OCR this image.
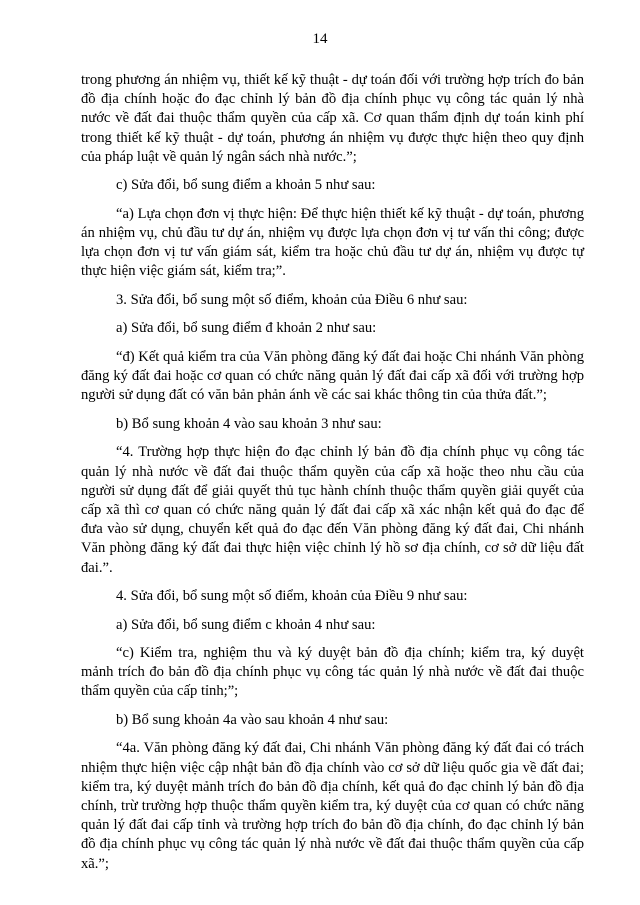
14

trong phương án nhiệm vụ, thiết kế kỹ thuật - dự toán đối với trường hợp trích đo bản đồ địa chính hoặc đo đạc chỉnh lý bản đồ địa chính phục vụ công tác quản lý nhà nước về đất đai thuộc thẩm quyền của cấp xã. Cơ quan thẩm định dự toán kinh phí trong thiết kế kỹ thuật - dự toán, phương án nhiệm vụ được thực hiện theo quy định của pháp luật về quản lý ngân sách nhà nước.”;

c) Sửa đổi, bổ sung điểm a khoản 5 như sau:

“a) Lựa chọn đơn vị thực hiện: Để thực hiện thiết kế kỹ thuật - dự toán, phương án nhiệm vụ, chủ đầu tư dự án, nhiệm vụ được lựa chọn đơn vị tư vấn thi công; được lựa chọn đơn vị tư vấn giám sát, kiểm tra hoặc chủ đầu tư dự án, nhiệm vụ được tự thực hiện việc giám sát, kiểm tra;”.

3. Sửa đổi, bổ sung một số điểm, khoản của Điều 6 như sau:

a) Sửa đổi, bổ sung điểm đ khoản 2 như sau:

“đ) Kết quả kiểm tra của Văn phòng đăng ký đất đai hoặc Chi nhánh Văn phòng đăng ký đất đai hoặc cơ quan có chức năng quản lý đất đai cấp xã đối với trường hợp người sử dụng đất có văn bản phản ánh về các sai khác thông tin của thửa đất.”;

b) Bổ sung khoản 4 vào sau khoản 3 như sau:

“4. Trường hợp thực hiện đo đạc chỉnh lý bản đồ địa chính phục vụ công tác quản lý nhà nước về đất đai thuộc thẩm quyền của cấp xã hoặc theo nhu cầu của người sử dụng đất để giải quyết thủ tục hành chính thuộc thẩm quyền giải quyết của cấp xã thì cơ quan có chức năng quản lý đất đai cấp xã xác nhận kết quả đo đạc để đưa vào sử dụng, chuyển kết quả đo đạc đến Văn phòng đăng ký đất đai, Chi nhánh Văn phòng đăng ký đất đai thực hiện việc chỉnh lý hồ sơ địa chính, cơ sở dữ liệu đất đai.”.

4. Sửa đổi, bổ sung một số điểm, khoản của Điều 9 như sau:

a) Sửa đổi, bổ sung điểm c khoản 4 như sau:

“c) Kiểm tra, nghiệm thu và ký duyệt bản đồ địa chính; kiểm tra, ký duyệt mảnh trích đo bản đồ địa chính phục vụ công tác quản lý nhà nước về đất đai thuộc thẩm quyền của cấp tỉnh;”;

b) Bổ sung khoản 4a vào sau khoản 4 như sau:

“4a. Văn phòng đăng ký đất đai, Chi nhánh Văn phòng đăng ký đất đai có trách nhiệm thực hiện việc cập nhật bản đồ địa chính vào cơ sở dữ liệu quốc gia về đất đai; kiểm tra, ký duyệt mảnh trích đo bản đồ địa chính, kết quả đo đạc chỉnh lý bản đồ địa chính, trừ trường hợp thuộc thẩm quyền kiểm tra, ký duyệt của cơ quan có chức năng quản lý đất đai cấp tỉnh và trường hợp trích đo bản đồ địa chính, đo đạc chỉnh lý bản đồ địa chính phục vụ công tác quản lý nhà nước về đất đai thuộc thẩm quyền của cấp xã.”;
